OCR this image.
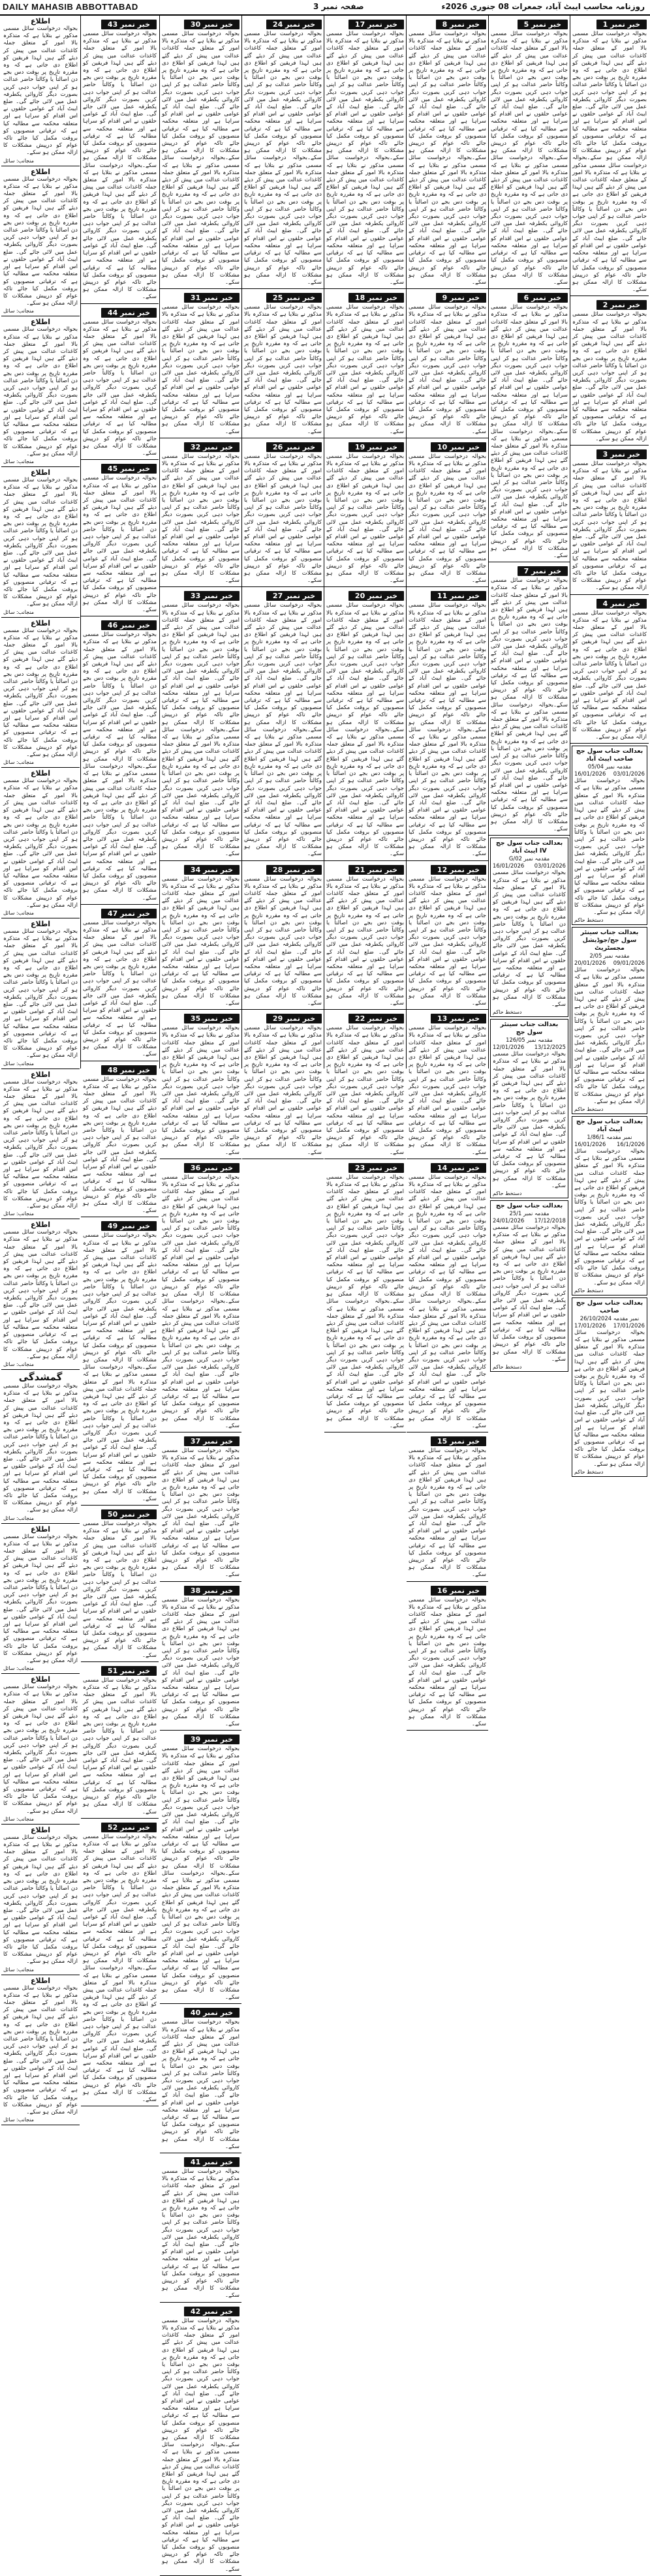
DAILY MAHASIB ABBOTTABAD	صفحہ نمبر 3	روزنامہ محاسب ایبٹ آباد، جمعرات 08 جنوری 2026ء
خبر نمبر 1
بحوالہ درخواست سائل مسمی مذکور نے بتلایا ہے کہ متذکرہ بالا امور کے متعلق جملہ کاغذات عدالت میں پیش کر دیئے گئے ہیں لہذا فریقین کو اطلاع دی جاتی ہے کہ وہ مقررہ تاریخ پر بوقت دس بجے دن اصالتاً یا وکالتاً حاضر عدالت ہو کر اپنی جواب دہی کریں بصورت دیگر کاروائی یکطرفہ عمل میں لائی جائے گی۔ ضلع ایبٹ آباد کے عوامی حلقوں نے اس اقدام کو سراہا ہے اور متعلقہ محکمہ سے مطالبہ کیا ہے کہ ترقیاتی منصوبوں کو بروقت مکمل کیا جائے تاکہ عوام کو درپیش مشکلات کا ازالہ ممکن ہو سکے۔بحوالہ درخواست سائل مسمی مذکور نے بتلایا ہے کہ متذکرہ بالا امور کے متعلق جملہ کاغذات عدالت میں پیش کر دیئے گئے ہیں لہذا فریقین کو اطلاع دی جاتی ہے کہ وہ مقررہ تاریخ پر بوقت دس بجے دن اصالتاً یا وکالتاً حاضر عدالت ہو کر اپنی جواب دہی کریں بصورت دیگر کاروائی یکطرفہ عمل میں لائی جائے گی۔ ضلع ایبٹ آباد کے عوامی حلقوں نے اس اقدام کو سراہا ہے اور متعلقہ محکمہ سے مطالبہ کیا ہے کہ ترقیاتی منصوبوں کو بروقت مکمل کیا جائے تاکہ عوام کو درپیش مشکلات کا ازالہ ممکن ہو سکے۔
خبر نمبر 2
بحوالہ درخواست سائل مسمی مذکور نے بتلایا ہے کہ متذکرہ بالا امور کے متعلق جملہ کاغذات عدالت میں پیش کر دیئے گئے ہیں لہذا فریقین کو اطلاع دی جاتی ہے کہ وہ مقررہ تاریخ پر بوقت دس بجے دن اصالتاً یا وکالتاً حاضر عدالت ہو کر اپنی جواب دہی کریں بصورت دیگر کاروائی یکطرفہ عمل میں لائی جائے گی۔ ضلع ایبٹ آباد کے عوامی حلقوں نے اس اقدام کو سراہا ہے اور متعلقہ محکمہ سے مطالبہ کیا ہے کہ ترقیاتی منصوبوں کو بروقت مکمل کیا جائے تاکہ عوام کو درپیش مشکلات کا ازالہ ممکن ہو سکے۔
خبر نمبر 3
بحوالہ درخواست سائل مسمی مذکور نے بتلایا ہے کہ متذکرہ بالا امور کے متعلق جملہ کاغذات عدالت میں پیش کر دیئے گئے ہیں لہذا فریقین کو اطلاع دی جاتی ہے کہ وہ مقررہ تاریخ پر بوقت دس بجے دن اصالتاً یا وکالتاً حاضر عدالت ہو کر اپنی جواب دہی کریں بصورت دیگر کاروائی یکطرفہ عمل میں لائی جائے گی۔ ضلع ایبٹ آباد کے عوامی حلقوں نے اس اقدام کو سراہا ہے اور متعلقہ محکمہ سے مطالبہ کیا ہے کہ ترقیاتی منصوبوں کو بروقت مکمل کیا جائے تاکہ عوام کو درپیش مشکلات کا ازالہ ممکن ہو سکے۔
خبر نمبر 4
بحوالہ درخواست سائل مسمی مذکور نے بتلایا ہے کہ متذکرہ بالا امور کے متعلق جملہ کاغذات عدالت میں پیش کر دیئے گئے ہیں لہذا فریقین کو اطلاع دی جاتی ہے کہ وہ مقررہ تاریخ پر بوقت دس بجے دن اصالتاً یا وکالتاً حاضر عدالت ہو کر اپنی جواب دہی کریں بصورت دیگر کاروائی یکطرفہ عمل میں لائی جائے گی۔ ضلع ایبٹ آباد کے عوامی حلقوں نے اس اقدام کو سراہا ہے اور متعلقہ محکمہ سے مطالبہ کیا ہے کہ ترقیاتی منصوبوں کو بروقت مکمل کیا جائے تاکہ عوام کو درپیش مشکلات کا ازالہ ممکن ہو سکے۔
بعدالت جناب سول جج صاحب ایبٹ آباد
مقدمہ نمبر 05/04
03/01/2026
16/01/2026
بحوالہ درخواست سائل مسمی مذکور نے بتلایا ہے کہ متذکرہ بالا امور کے متعلق جملہ کاغذات عدالت میں پیش کر دیئے گئے ہیں لہذا فریقین کو اطلاع دی جاتی ہے کہ وہ مقررہ تاریخ پر بوقت دس بجے دن اصالتاً یا وکالتاً حاضر عدالت ہو کر اپنی جواب دہی کریں بصورت دیگر کاروائی یکطرفہ عمل میں لائی جائے گی۔ ضلع ایبٹ آباد کے عوامی حلقوں نے اس اقدام کو سراہا ہے اور متعلقہ محکمہ سے مطالبہ کیا ہے کہ ترقیاتی منصوبوں کو بروقت مکمل کیا جائے تاکہ عوام کو درپیش مشکلات کا ازالہ ممکن ہو سکے۔
دستخط حاکم
بعدالت جناب سینئر سول جج/جوڈیشل مجسٹریٹ
مقدمہ نمبر 2/05
09/01/2026
20/01/2026
بحوالہ درخواست سائل مسمی مذکور نے بتلایا ہے کہ متذکرہ بالا امور کے متعلق جملہ کاغذات عدالت میں پیش کر دیئے گئے ہیں لہذا فریقین کو اطلاع دی جاتی ہے کہ وہ مقررہ تاریخ پر بوقت دس بجے دن اصالتاً یا وکالتاً حاضر عدالت ہو کر اپنی جواب دہی کریں بصورت دیگر کاروائی یکطرفہ عمل میں لائی جائے گی۔ ضلع ایبٹ آباد کے عوامی حلقوں نے اس اقدام کو سراہا ہے اور متعلقہ محکمہ سے مطالبہ کیا ہے کہ ترقیاتی منصوبوں کو بروقت مکمل کیا جائے تاکہ عوام کو درپیش مشکلات کا ازالہ ممکن ہو سکے۔
دستخط حاکم
بعدالت جناب سول جج ایبٹ آباد
نمبر مقدمہ 1/86/1
16/1/2026
16/01/2026
بحوالہ درخواست سائل مسمی مذکور نے بتلایا ہے کہ متذکرہ بالا امور کے متعلق جملہ کاغذات عدالت میں پیش کر دیئے گئے ہیں لہذا فریقین کو اطلاع دی جاتی ہے کہ وہ مقررہ تاریخ پر بوقت دس بجے دن اصالتاً یا وکالتاً حاضر عدالت ہو کر اپنی جواب دہی کریں بصورت دیگر کاروائی یکطرفہ عمل میں لائی جائے گی۔ ضلع ایبٹ آباد کے عوامی حلقوں نے اس اقدام کو سراہا ہے اور متعلقہ محکمہ سے مطالبہ کیا ہے کہ ترقیاتی منصوبوں کو بروقت مکمل کیا جائے تاکہ عوام کو درپیش مشکلات کا ازالہ ممکن ہو سکے۔
دستخط حاکم
بعدالت جناب سول جج صاحب
نمبر مقدمہ 26/10/2024
17/01/2026
17/01/2026
بحوالہ درخواست سائل مسمی مذکور نے بتلایا ہے کہ متذکرہ بالا امور کے متعلق جملہ کاغذات عدالت میں پیش کر دیئے گئے ہیں لہذا فریقین کو اطلاع دی جاتی ہے کہ وہ مقررہ تاریخ پر بوقت دس بجے دن اصالتاً یا وکالتاً حاضر عدالت ہو کر اپنی جواب دہی کریں بصورت دیگر کاروائی یکطرفہ عمل میں لائی جائے گی۔ ضلع ایبٹ آباد کے عوامی حلقوں نے اس اقدام کو سراہا ہے اور متعلقہ محکمہ سے مطالبہ کیا ہے کہ ترقیاتی منصوبوں کو بروقت مکمل کیا جائے تاکہ عوام کو درپیش مشکلات کا ازالہ ممکن ہو سکے۔
دستخط حاکم
خبر نمبر 5
بحوالہ درخواست سائل مسمی مذکور نے بتلایا ہے کہ متذکرہ بالا امور کے متعلق جملہ کاغذات عدالت میں پیش کر دیئے گئے ہیں لہذا فریقین کو اطلاع دی جاتی ہے کہ وہ مقررہ تاریخ پر بوقت دس بجے دن اصالتاً یا وکالتاً حاضر عدالت ہو کر اپنی جواب دہی کریں بصورت دیگر کاروائی یکطرفہ عمل میں لائی جائے گی۔ ضلع ایبٹ آباد کے عوامی حلقوں نے اس اقدام کو سراہا ہے اور متعلقہ محکمہ سے مطالبہ کیا ہے کہ ترقیاتی منصوبوں کو بروقت مکمل کیا جائے تاکہ عوام کو درپیش مشکلات کا ازالہ ممکن ہو سکے۔بحوالہ درخواست سائل مسمی مذکور نے بتلایا ہے کہ متذکرہ بالا امور کے متعلق جملہ کاغذات عدالت میں پیش کر دیئے گئے ہیں لہذا فریقین کو اطلاع دی جاتی ہے کہ وہ مقررہ تاریخ پر بوقت دس بجے دن اصالتاً یا وکالتاً حاضر عدالت ہو کر اپنی جواب دہی کریں بصورت دیگر کاروائی یکطرفہ عمل میں لائی جائے گی۔ ضلع ایبٹ آباد کے عوامی حلقوں نے اس اقدام کو سراہا ہے اور متعلقہ محکمہ سے مطالبہ کیا ہے کہ ترقیاتی منصوبوں کو بروقت مکمل کیا جائے تاکہ عوام کو درپیش مشکلات کا ازالہ ممکن ہو سکے۔
خبر نمبر 6
بحوالہ درخواست سائل مسمی مذکور نے بتلایا ہے کہ متذکرہ بالا امور کے متعلق جملہ کاغذات عدالت میں پیش کر دیئے گئے ہیں لہذا فریقین کو اطلاع دی جاتی ہے کہ وہ مقررہ تاریخ پر بوقت دس بجے دن اصالتاً یا وکالتاً حاضر عدالت ہو کر اپنی جواب دہی کریں بصورت دیگر کاروائی یکطرفہ عمل میں لائی جائے گی۔ ضلع ایبٹ آباد کے عوامی حلقوں نے اس اقدام کو سراہا ہے اور متعلقہ محکمہ سے مطالبہ کیا ہے کہ ترقیاتی منصوبوں کو بروقت مکمل کیا جائے تاکہ عوام کو درپیش مشکلات کا ازالہ ممکن ہو سکے۔بحوالہ درخواست سائل مسمی مذکور نے بتلایا ہے کہ متذکرہ بالا امور کے متعلق جملہ کاغذات عدالت میں پیش کر دیئے گئے ہیں لہذا فریقین کو اطلاع دی جاتی ہے کہ وہ مقررہ تاریخ پر بوقت دس بجے دن اصالتاً یا وکالتاً حاضر عدالت ہو کر اپنی جواب دہی کریں بصورت دیگر کاروائی یکطرفہ عمل میں لائی جائے گی۔ ضلع ایبٹ آباد کے عوامی حلقوں نے اس اقدام کو سراہا ہے اور متعلقہ محکمہ سے مطالبہ کیا ہے کہ ترقیاتی منصوبوں کو بروقت مکمل کیا جائے تاکہ عوام کو درپیش مشکلات کا ازالہ ممکن ہو سکے۔
خبر نمبر 7
بحوالہ درخواست سائل مسمی مذکور نے بتلایا ہے کہ متذکرہ بالا امور کے متعلق جملہ کاغذات عدالت میں پیش کر دیئے گئے ہیں لہذا فریقین کو اطلاع دی جاتی ہے کہ وہ مقررہ تاریخ پر بوقت دس بجے دن اصالتاً یا وکالتاً حاضر عدالت ہو کر اپنی جواب دہی کریں بصورت دیگر کاروائی یکطرفہ عمل میں لائی جائے گی۔ ضلع ایبٹ آباد کے عوامی حلقوں نے اس اقدام کو سراہا ہے اور متعلقہ محکمہ سے مطالبہ کیا ہے کہ ترقیاتی منصوبوں کو بروقت مکمل کیا جائے تاکہ عوام کو درپیش مشکلات کا ازالہ ممکن ہو سکے۔بحوالہ درخواست سائل مسمی مذکور نے بتلایا ہے کہ متذکرہ بالا امور کے متعلق جملہ کاغذات عدالت میں پیش کر دیئے گئے ہیں لہذا فریقین کو اطلاع دی جاتی ہے کہ وہ مقررہ تاریخ پر بوقت دس بجے دن اصالتاً یا وکالتاً حاضر عدالت ہو کر اپنی جواب دہی کریں بصورت دیگر کاروائی یکطرفہ عمل میں لائی جائے گی۔ ضلع ایبٹ آباد کے عوامی حلقوں نے اس اقدام کو سراہا ہے اور متعلقہ محکمہ سے مطالبہ کیا ہے کہ ترقیاتی منصوبوں کو بروقت مکمل کیا جائے تاکہ عوام کو درپیش مشکلات کا ازالہ ممکن ہو سکے۔
بعدالت جناب سول جج IV ایبٹ آباد
مقدمہ نمبر 02/G
03/01/2026
16/01/2026
بحوالہ درخواست سائل مسمی مذکور نے بتلایا ہے کہ متذکرہ بالا امور کے متعلق جملہ کاغذات عدالت میں پیش کر دیئے گئے ہیں لہذا فریقین کو اطلاع دی جاتی ہے کہ وہ مقررہ تاریخ پر بوقت دس بجے دن اصالتاً یا وکالتاً حاضر عدالت ہو کر اپنی جواب دہی کریں بصورت دیگر کاروائی یکطرفہ عمل میں لائی جائے گی۔ ضلع ایبٹ آباد کے عوامی حلقوں نے اس اقدام کو سراہا ہے اور متعلقہ محکمہ سے مطالبہ کیا ہے کہ ترقیاتی منصوبوں کو بروقت مکمل کیا جائے تاکہ عوام کو درپیش مشکلات کا ازالہ ممکن ہو سکے۔
دستخط حاکم
بعدالت جناب سینئر سول جج
مقدمہ نمبر 126/05
13/12/2025
12/01/2026
بحوالہ درخواست سائل مسمی مذکور نے بتلایا ہے کہ متذکرہ بالا امور کے متعلق جملہ کاغذات عدالت میں پیش کر دیئے گئے ہیں لہذا فریقین کو اطلاع دی جاتی ہے کہ وہ مقررہ تاریخ پر بوقت دس بجے دن اصالتاً یا وکالتاً حاضر عدالت ہو کر اپنی جواب دہی کریں بصورت دیگر کاروائی یکطرفہ عمل میں لائی جائے گی۔ ضلع ایبٹ آباد کے عوامی حلقوں نے اس اقدام کو سراہا ہے اور متعلقہ محکمہ سے مطالبہ کیا ہے کہ ترقیاتی منصوبوں کو بروقت مکمل کیا جائے تاکہ عوام کو درپیش مشکلات کا ازالہ ممکن ہو سکے۔
دستخط حاکم
بعدالت جناب سول جج
مقدمہ نمبر 25/1
17/12/2018
24/01/2026
بحوالہ درخواست سائل مسمی مذکور نے بتلایا ہے کہ متذکرہ بالا امور کے متعلق جملہ کاغذات عدالت میں پیش کر دیئے گئے ہیں لہذا فریقین کو اطلاع دی جاتی ہے کہ وہ مقررہ تاریخ پر بوقت دس بجے دن اصالتاً یا وکالتاً حاضر عدالت ہو کر اپنی جواب دہی کریں بصورت دیگر کاروائی یکطرفہ عمل میں لائی جائے گی۔ ضلع ایبٹ آباد کے عوامی حلقوں نے اس اقدام کو سراہا ہے اور متعلقہ محکمہ سے مطالبہ کیا ہے کہ ترقیاتی منصوبوں کو بروقت مکمل کیا جائے تاکہ عوام کو درپیش مشکلات کا ازالہ ممکن ہو سکے۔
دستخط حاکم
خبر نمبر 8
بحوالہ درخواست سائل مسمی مذکور نے بتلایا ہے کہ متذکرہ بالا امور کے متعلق جملہ کاغذات عدالت میں پیش کر دیئے گئے ہیں لہذا فریقین کو اطلاع دی جاتی ہے کہ وہ مقررہ تاریخ پر بوقت دس بجے دن اصالتاً یا وکالتاً حاضر عدالت ہو کر اپنی جواب دہی کریں بصورت دیگر کاروائی یکطرفہ عمل میں لائی جائے گی۔ ضلع ایبٹ آباد کے عوامی حلقوں نے اس اقدام کو سراہا ہے اور متعلقہ محکمہ سے مطالبہ کیا ہے کہ ترقیاتی منصوبوں کو بروقت مکمل کیا جائے تاکہ عوام کو درپیش مشکلات کا ازالہ ممکن ہو سکے۔بحوالہ درخواست سائل مسمی مذکور نے بتلایا ہے کہ متذکرہ بالا امور کے متعلق جملہ کاغذات عدالت میں پیش کر دیئے گئے ہیں لہذا فریقین کو اطلاع دی جاتی ہے کہ وہ مقررہ تاریخ پر بوقت دس بجے دن اصالتاً یا وکالتاً حاضر عدالت ہو کر اپنی جواب دہی کریں بصورت دیگر کاروائی یکطرفہ عمل میں لائی جائے گی۔ ضلع ایبٹ آباد کے عوامی حلقوں نے اس اقدام کو سراہا ہے اور متعلقہ محکمہ سے مطالبہ کیا ہے کہ ترقیاتی منصوبوں کو بروقت مکمل کیا جائے تاکہ عوام کو درپیش مشکلات کا ازالہ ممکن ہو سکے۔
خبر نمبر 9
بحوالہ درخواست سائل مسمی مذکور نے بتلایا ہے کہ متذکرہ بالا امور کے متعلق جملہ کاغذات عدالت میں پیش کر دیئے گئے ہیں لہذا فریقین کو اطلاع دی جاتی ہے کہ وہ مقررہ تاریخ پر بوقت دس بجے دن اصالتاً یا وکالتاً حاضر عدالت ہو کر اپنی جواب دہی کریں بصورت دیگر کاروائی یکطرفہ عمل میں لائی جائے گی۔ ضلع ایبٹ آباد کے عوامی حلقوں نے اس اقدام کو سراہا ہے اور متعلقہ محکمہ سے مطالبہ کیا ہے کہ ترقیاتی منصوبوں کو بروقت مکمل کیا جائے تاکہ عوام کو درپیش مشکلات کا ازالہ ممکن ہو سکے۔
خبر نمبر 10
بحوالہ درخواست سائل مسمی مذکور نے بتلایا ہے کہ متذکرہ بالا امور کے متعلق جملہ کاغذات عدالت میں پیش کر دیئے گئے ہیں لہذا فریقین کو اطلاع دی جاتی ہے کہ وہ مقررہ تاریخ پر بوقت دس بجے دن اصالتاً یا وکالتاً حاضر عدالت ہو کر اپنی جواب دہی کریں بصورت دیگر کاروائی یکطرفہ عمل میں لائی جائے گی۔ ضلع ایبٹ آباد کے عوامی حلقوں نے اس اقدام کو سراہا ہے اور متعلقہ محکمہ سے مطالبہ کیا ہے کہ ترقیاتی منصوبوں کو بروقت مکمل کیا جائے تاکہ عوام کو درپیش مشکلات کا ازالہ ممکن ہو سکے۔
خبر نمبر 11
بحوالہ درخواست سائل مسمی مذکور نے بتلایا ہے کہ متذکرہ بالا امور کے متعلق جملہ کاغذات عدالت میں پیش کر دیئے گئے ہیں لہذا فریقین کو اطلاع دی جاتی ہے کہ وہ مقررہ تاریخ پر بوقت دس بجے دن اصالتاً یا وکالتاً حاضر عدالت ہو کر اپنی جواب دہی کریں بصورت دیگر کاروائی یکطرفہ عمل میں لائی جائے گی۔ ضلع ایبٹ آباد کے عوامی حلقوں نے اس اقدام کو سراہا ہے اور متعلقہ محکمہ سے مطالبہ کیا ہے کہ ترقیاتی منصوبوں کو بروقت مکمل کیا جائے تاکہ عوام کو درپیش مشکلات کا ازالہ ممکن ہو سکے۔بحوالہ درخواست سائل مسمی مذکور نے بتلایا ہے کہ متذکرہ بالا امور کے متعلق جملہ کاغذات عدالت میں پیش کر دیئے گئے ہیں لہذا فریقین کو اطلاع دی جاتی ہے کہ وہ مقررہ تاریخ پر بوقت دس بجے دن اصالتاً یا وکالتاً حاضر عدالت ہو کر اپنی جواب دہی کریں بصورت دیگر کاروائی یکطرفہ عمل میں لائی جائے گی۔ ضلع ایبٹ آباد کے عوامی حلقوں نے اس اقدام کو سراہا ہے اور متعلقہ محکمہ سے مطالبہ کیا ہے کہ ترقیاتی منصوبوں کو بروقت مکمل کیا جائے تاکہ عوام کو درپیش مشکلات کا ازالہ ممکن ہو سکے۔
خبر نمبر 12
بحوالہ درخواست سائل مسمی مذکور نے بتلایا ہے کہ متذکرہ بالا امور کے متعلق جملہ کاغذات عدالت میں پیش کر دیئے گئے ہیں لہذا فریقین کو اطلاع دی جاتی ہے کہ وہ مقررہ تاریخ پر بوقت دس بجے دن اصالتاً یا وکالتاً حاضر عدالت ہو کر اپنی جواب دہی کریں بصورت دیگر کاروائی یکطرفہ عمل میں لائی جائے گی۔ ضلع ایبٹ آباد کے عوامی حلقوں نے اس اقدام کو سراہا ہے اور متعلقہ محکمہ سے مطالبہ کیا ہے کہ ترقیاتی منصوبوں کو بروقت مکمل کیا جائے تاکہ عوام کو درپیش مشکلات کا ازالہ ممکن ہو سکے۔
خبر نمبر 13
بحوالہ درخواست سائل مسمی مذکور نے بتلایا ہے کہ متذکرہ بالا امور کے متعلق جملہ کاغذات عدالت میں پیش کر دیئے گئے ہیں لہذا فریقین کو اطلاع دی جاتی ہے کہ وہ مقررہ تاریخ پر بوقت دس بجے دن اصالتاً یا وکالتاً حاضر عدالت ہو کر اپنی جواب دہی کریں بصورت دیگر کاروائی یکطرفہ عمل میں لائی جائے گی۔ ضلع ایبٹ آباد کے عوامی حلقوں نے اس اقدام کو سراہا ہے اور متعلقہ محکمہ سے مطالبہ کیا ہے کہ ترقیاتی منصوبوں کو بروقت مکمل کیا جائے تاکہ عوام کو درپیش مشکلات کا ازالہ ممکن ہو سکے۔
خبر نمبر 14
بحوالہ درخواست سائل مسمی مذکور نے بتلایا ہے کہ متذکرہ بالا امور کے متعلق جملہ کاغذات عدالت میں پیش کر دیئے گئے ہیں لہذا فریقین کو اطلاع دی جاتی ہے کہ وہ مقررہ تاریخ پر بوقت دس بجے دن اصالتاً یا وکالتاً حاضر عدالت ہو کر اپنی جواب دہی کریں بصورت دیگر کاروائی یکطرفہ عمل میں لائی جائے گی۔ ضلع ایبٹ آباد کے عوامی حلقوں نے اس اقدام کو سراہا ہے اور متعلقہ محکمہ سے مطالبہ کیا ہے کہ ترقیاتی منصوبوں کو بروقت مکمل کیا جائے تاکہ عوام کو درپیش مشکلات کا ازالہ ممکن ہو سکے۔بحوالہ درخواست سائل مسمی مذکور نے بتلایا ہے کہ متذکرہ بالا امور کے متعلق جملہ کاغذات عدالت میں پیش کر دیئے گئے ہیں لہذا فریقین کو اطلاع دی جاتی ہے کہ وہ مقررہ تاریخ پر بوقت دس بجے دن اصالتاً یا وکالتاً حاضر عدالت ہو کر اپنی جواب دہی کریں بصورت دیگر کاروائی یکطرفہ عمل میں لائی جائے گی۔ ضلع ایبٹ آباد کے عوامی حلقوں نے اس اقدام کو سراہا ہے اور متعلقہ محکمہ سے مطالبہ کیا ہے کہ ترقیاتی منصوبوں کو بروقت مکمل کیا جائے تاکہ عوام کو درپیش مشکلات کا ازالہ ممکن ہو سکے۔
خبر نمبر 15
بحوالہ درخواست سائل مسمی مذکور نے بتلایا ہے کہ متذکرہ بالا امور کے متعلق جملہ کاغذات عدالت میں پیش کر دیئے گئے ہیں لہذا فریقین کو اطلاع دی جاتی ہے کہ وہ مقررہ تاریخ پر بوقت دس بجے دن اصالتاً یا وکالتاً حاضر عدالت ہو کر اپنی جواب دہی کریں بصورت دیگر کاروائی یکطرفہ عمل میں لائی جائے گی۔ ضلع ایبٹ آباد کے عوامی حلقوں نے اس اقدام کو سراہا ہے اور متعلقہ محکمہ سے مطالبہ کیا ہے کہ ترقیاتی منصوبوں کو بروقت مکمل کیا جائے تاکہ عوام کو درپیش مشکلات کا ازالہ ممکن ہو سکے۔
خبر نمبر 16
بحوالہ درخواست سائل مسمی مذکور نے بتلایا ہے کہ متذکرہ بالا امور کے متعلق جملہ کاغذات عدالت میں پیش کر دیئے گئے ہیں لہذا فریقین کو اطلاع دی جاتی ہے کہ وہ مقررہ تاریخ پر بوقت دس بجے دن اصالتاً یا وکالتاً حاضر عدالت ہو کر اپنی جواب دہی کریں بصورت دیگر کاروائی یکطرفہ عمل میں لائی جائے گی۔ ضلع ایبٹ آباد کے عوامی حلقوں نے اس اقدام کو سراہا ہے اور متعلقہ محکمہ سے مطالبہ کیا ہے کہ ترقیاتی منصوبوں کو بروقت مکمل کیا جائے تاکہ عوام کو درپیش مشکلات کا ازالہ ممکن ہو سکے۔
خبر نمبر 17
بحوالہ درخواست سائل مسمی مذکور نے بتلایا ہے کہ متذکرہ بالا امور کے متعلق جملہ کاغذات عدالت میں پیش کر دیئے گئے ہیں لہذا فریقین کو اطلاع دی جاتی ہے کہ وہ مقررہ تاریخ پر بوقت دس بجے دن اصالتاً یا وکالتاً حاضر عدالت ہو کر اپنی جواب دہی کریں بصورت دیگر کاروائی یکطرفہ عمل میں لائی جائے گی۔ ضلع ایبٹ آباد کے عوامی حلقوں نے اس اقدام کو سراہا ہے اور متعلقہ محکمہ سے مطالبہ کیا ہے کہ ترقیاتی منصوبوں کو بروقت مکمل کیا جائے تاکہ عوام کو درپیش مشکلات کا ازالہ ممکن ہو سکے۔بحوالہ درخواست سائل مسمی مذکور نے بتلایا ہے کہ متذکرہ بالا امور کے متعلق جملہ کاغذات عدالت میں پیش کر دیئے گئے ہیں لہذا فریقین کو اطلاع دی جاتی ہے کہ وہ مقررہ تاریخ پر بوقت دس بجے دن اصالتاً یا وکالتاً حاضر عدالت ہو کر اپنی جواب دہی کریں بصورت دیگر کاروائی یکطرفہ عمل میں لائی جائے گی۔ ضلع ایبٹ آباد کے عوامی حلقوں نے اس اقدام کو سراہا ہے اور متعلقہ محکمہ سے مطالبہ کیا ہے کہ ترقیاتی منصوبوں کو بروقت مکمل کیا جائے تاکہ عوام کو درپیش مشکلات کا ازالہ ممکن ہو سکے۔
خبر نمبر 18
بحوالہ درخواست سائل مسمی مذکور نے بتلایا ہے کہ متذکرہ بالا امور کے متعلق جملہ کاغذات عدالت میں پیش کر دیئے گئے ہیں لہذا فریقین کو اطلاع دی جاتی ہے کہ وہ مقررہ تاریخ پر بوقت دس بجے دن اصالتاً یا وکالتاً حاضر عدالت ہو کر اپنی جواب دہی کریں بصورت دیگر کاروائی یکطرفہ عمل میں لائی جائے گی۔ ضلع ایبٹ آباد کے عوامی حلقوں نے اس اقدام کو سراہا ہے اور متعلقہ محکمہ سے مطالبہ کیا ہے کہ ترقیاتی منصوبوں کو بروقت مکمل کیا جائے تاکہ عوام کو درپیش مشکلات کا ازالہ ممکن ہو سکے۔
خبر نمبر 19
بحوالہ درخواست سائل مسمی مذکور نے بتلایا ہے کہ متذکرہ بالا امور کے متعلق جملہ کاغذات عدالت میں پیش کر دیئے گئے ہیں لہذا فریقین کو اطلاع دی جاتی ہے کہ وہ مقررہ تاریخ پر بوقت دس بجے دن اصالتاً یا وکالتاً حاضر عدالت ہو کر اپنی جواب دہی کریں بصورت دیگر کاروائی یکطرفہ عمل میں لائی جائے گی۔ ضلع ایبٹ آباد کے عوامی حلقوں نے اس اقدام کو سراہا ہے اور متعلقہ محکمہ سے مطالبہ کیا ہے کہ ترقیاتی منصوبوں کو بروقت مکمل کیا جائے تاکہ عوام کو درپیش مشکلات کا ازالہ ممکن ہو سکے۔
خبر نمبر 20
بحوالہ درخواست سائل مسمی مذکور نے بتلایا ہے کہ متذکرہ بالا امور کے متعلق جملہ کاغذات عدالت میں پیش کر دیئے گئے ہیں لہذا فریقین کو اطلاع دی جاتی ہے کہ وہ مقررہ تاریخ پر بوقت دس بجے دن اصالتاً یا وکالتاً حاضر عدالت ہو کر اپنی جواب دہی کریں بصورت دیگر کاروائی یکطرفہ عمل میں لائی جائے گی۔ ضلع ایبٹ آباد کے عوامی حلقوں نے اس اقدام کو سراہا ہے اور متعلقہ محکمہ سے مطالبہ کیا ہے کہ ترقیاتی منصوبوں کو بروقت مکمل کیا جائے تاکہ عوام کو درپیش مشکلات کا ازالہ ممکن ہو سکے۔بحوالہ درخواست سائل مسمی مذکور نے بتلایا ہے کہ متذکرہ بالا امور کے متعلق جملہ کاغذات عدالت میں پیش کر دیئے گئے ہیں لہذا فریقین کو اطلاع دی جاتی ہے کہ وہ مقررہ تاریخ پر بوقت دس بجے دن اصالتاً یا وکالتاً حاضر عدالت ہو کر اپنی جواب دہی کریں بصورت دیگر کاروائی یکطرفہ عمل میں لائی جائے گی۔ ضلع ایبٹ آباد کے عوامی حلقوں نے اس اقدام کو سراہا ہے اور متعلقہ محکمہ سے مطالبہ کیا ہے کہ ترقیاتی منصوبوں کو بروقت مکمل کیا جائے تاکہ عوام کو درپیش مشکلات کا ازالہ ممکن ہو سکے۔
خبر نمبر 21
بحوالہ درخواست سائل مسمی مذکور نے بتلایا ہے کہ متذکرہ بالا امور کے متعلق جملہ کاغذات عدالت میں پیش کر دیئے گئے ہیں لہذا فریقین کو اطلاع دی جاتی ہے کہ وہ مقررہ تاریخ پر بوقت دس بجے دن اصالتاً یا وکالتاً حاضر عدالت ہو کر اپنی جواب دہی کریں بصورت دیگر کاروائی یکطرفہ عمل میں لائی جائے گی۔ ضلع ایبٹ آباد کے عوامی حلقوں نے اس اقدام کو سراہا ہے اور متعلقہ محکمہ سے مطالبہ کیا ہے کہ ترقیاتی منصوبوں کو بروقت مکمل کیا جائے تاکہ عوام کو درپیش مشکلات کا ازالہ ممکن ہو سکے۔
خبر نمبر 22
بحوالہ درخواست سائل مسمی مذکور نے بتلایا ہے کہ متذکرہ بالا امور کے متعلق جملہ کاغذات عدالت میں پیش کر دیئے گئے ہیں لہذا فریقین کو اطلاع دی جاتی ہے کہ وہ مقررہ تاریخ پر بوقت دس بجے دن اصالتاً یا وکالتاً حاضر عدالت ہو کر اپنی جواب دہی کریں بصورت دیگر کاروائی یکطرفہ عمل میں لائی جائے گی۔ ضلع ایبٹ آباد کے عوامی حلقوں نے اس اقدام کو سراہا ہے اور متعلقہ محکمہ سے مطالبہ کیا ہے کہ ترقیاتی منصوبوں کو بروقت مکمل کیا جائے تاکہ عوام کو درپیش مشکلات کا ازالہ ممکن ہو سکے۔
خبر نمبر 23
بحوالہ درخواست سائل مسمی مذکور نے بتلایا ہے کہ متذکرہ بالا امور کے متعلق جملہ کاغذات عدالت میں پیش کر دیئے گئے ہیں لہذا فریقین کو اطلاع دی جاتی ہے کہ وہ مقررہ تاریخ پر بوقت دس بجے دن اصالتاً یا وکالتاً حاضر عدالت ہو کر اپنی جواب دہی کریں بصورت دیگر کاروائی یکطرفہ عمل میں لائی جائے گی۔ ضلع ایبٹ آباد کے عوامی حلقوں نے اس اقدام کو سراہا ہے اور متعلقہ محکمہ سے مطالبہ کیا ہے کہ ترقیاتی منصوبوں کو بروقت مکمل کیا جائے تاکہ عوام کو درپیش مشکلات کا ازالہ ممکن ہو سکے۔بحوالہ درخواست سائل مسمی مذکور نے بتلایا ہے کہ متذکرہ بالا امور کے متعلق جملہ کاغذات عدالت میں پیش کر دیئے گئے ہیں لہذا فریقین کو اطلاع دی جاتی ہے کہ وہ مقررہ تاریخ پر بوقت دس بجے دن اصالتاً یا وکالتاً حاضر عدالت ہو کر اپنی جواب دہی کریں بصورت دیگر کاروائی یکطرفہ عمل میں لائی جائے گی۔ ضلع ایبٹ آباد کے عوامی حلقوں نے اس اقدام کو سراہا ہے اور متعلقہ محکمہ سے مطالبہ کیا ہے کہ ترقیاتی منصوبوں کو بروقت مکمل کیا جائے تاکہ عوام کو درپیش مشکلات کا ازالہ ممکن ہو سکے۔
خبر نمبر 24
بحوالہ درخواست سائل مسمی مذکور نے بتلایا ہے کہ متذکرہ بالا امور کے متعلق جملہ کاغذات عدالت میں پیش کر دیئے گئے ہیں لہذا فریقین کو اطلاع دی جاتی ہے کہ وہ مقررہ تاریخ پر بوقت دس بجے دن اصالتاً یا وکالتاً حاضر عدالت ہو کر اپنی جواب دہی کریں بصورت دیگر کاروائی یکطرفہ عمل میں لائی جائے گی۔ ضلع ایبٹ آباد کے عوامی حلقوں نے اس اقدام کو سراہا ہے اور متعلقہ محکمہ سے مطالبہ کیا ہے کہ ترقیاتی منصوبوں کو بروقت مکمل کیا جائے تاکہ عوام کو درپیش مشکلات کا ازالہ ممکن ہو سکے۔بحوالہ درخواست سائل مسمی مذکور نے بتلایا ہے کہ متذکرہ بالا امور کے متعلق جملہ کاغذات عدالت میں پیش کر دیئے گئے ہیں لہذا فریقین کو اطلاع دی جاتی ہے کہ وہ مقررہ تاریخ پر بوقت دس بجے دن اصالتاً یا وکالتاً حاضر عدالت ہو کر اپنی جواب دہی کریں بصورت دیگر کاروائی یکطرفہ عمل میں لائی جائے گی۔ ضلع ایبٹ آباد کے عوامی حلقوں نے اس اقدام کو سراہا ہے اور متعلقہ محکمہ سے مطالبہ کیا ہے کہ ترقیاتی منصوبوں کو بروقت مکمل کیا جائے تاکہ عوام کو درپیش مشکلات کا ازالہ ممکن ہو سکے۔
خبر نمبر 25
بحوالہ درخواست سائل مسمی مذکور نے بتلایا ہے کہ متذکرہ بالا امور کے متعلق جملہ کاغذات عدالت میں پیش کر دیئے گئے ہیں لہذا فریقین کو اطلاع دی جاتی ہے کہ وہ مقررہ تاریخ پر بوقت دس بجے دن اصالتاً یا وکالتاً حاضر عدالت ہو کر اپنی جواب دہی کریں بصورت دیگر کاروائی یکطرفہ عمل میں لائی جائے گی۔ ضلع ایبٹ آباد کے عوامی حلقوں نے اس اقدام کو سراہا ہے اور متعلقہ محکمہ سے مطالبہ کیا ہے کہ ترقیاتی منصوبوں کو بروقت مکمل کیا جائے تاکہ عوام کو درپیش مشکلات کا ازالہ ممکن ہو سکے۔
خبر نمبر 26
بحوالہ درخواست سائل مسمی مذکور نے بتلایا ہے کہ متذکرہ بالا امور کے متعلق جملہ کاغذات عدالت میں پیش کر دیئے گئے ہیں لہذا فریقین کو اطلاع دی جاتی ہے کہ وہ مقررہ تاریخ پر بوقت دس بجے دن اصالتاً یا وکالتاً حاضر عدالت ہو کر اپنی جواب دہی کریں بصورت دیگر کاروائی یکطرفہ عمل میں لائی جائے گی۔ ضلع ایبٹ آباد کے عوامی حلقوں نے اس اقدام کو سراہا ہے اور متعلقہ محکمہ سے مطالبہ کیا ہے کہ ترقیاتی منصوبوں کو بروقت مکمل کیا جائے تاکہ عوام کو درپیش مشکلات کا ازالہ ممکن ہو سکے۔
خبر نمبر 27
بحوالہ درخواست سائل مسمی مذکور نے بتلایا ہے کہ متذکرہ بالا امور کے متعلق جملہ کاغذات عدالت میں پیش کر دیئے گئے ہیں لہذا فریقین کو اطلاع دی جاتی ہے کہ وہ مقررہ تاریخ پر بوقت دس بجے دن اصالتاً یا وکالتاً حاضر عدالت ہو کر اپنی جواب دہی کریں بصورت دیگر کاروائی یکطرفہ عمل میں لائی جائے گی۔ ضلع ایبٹ آباد کے عوامی حلقوں نے اس اقدام کو سراہا ہے اور متعلقہ محکمہ سے مطالبہ کیا ہے کہ ترقیاتی منصوبوں کو بروقت مکمل کیا جائے تاکہ عوام کو درپیش مشکلات کا ازالہ ممکن ہو سکے۔بحوالہ درخواست سائل مسمی مذکور نے بتلایا ہے کہ متذکرہ بالا امور کے متعلق جملہ کاغذات عدالت میں پیش کر دیئے گئے ہیں لہذا فریقین کو اطلاع دی جاتی ہے کہ وہ مقررہ تاریخ پر بوقت دس بجے دن اصالتاً یا وکالتاً حاضر عدالت ہو کر اپنی جواب دہی کریں بصورت دیگر کاروائی یکطرفہ عمل میں لائی جائے گی۔ ضلع ایبٹ آباد کے عوامی حلقوں نے اس اقدام کو سراہا ہے اور متعلقہ محکمہ سے مطالبہ کیا ہے کہ ترقیاتی منصوبوں کو بروقت مکمل کیا جائے تاکہ عوام کو درپیش مشکلات کا ازالہ ممکن ہو سکے۔
خبر نمبر 28
بحوالہ درخواست سائل مسمی مذکور نے بتلایا ہے کہ متذکرہ بالا امور کے متعلق جملہ کاغذات عدالت میں پیش کر دیئے گئے ہیں لہذا فریقین کو اطلاع دی جاتی ہے کہ وہ مقررہ تاریخ پر بوقت دس بجے دن اصالتاً یا وکالتاً حاضر عدالت ہو کر اپنی جواب دہی کریں بصورت دیگر کاروائی یکطرفہ عمل میں لائی جائے گی۔ ضلع ایبٹ آباد کے عوامی حلقوں نے اس اقدام کو سراہا ہے اور متعلقہ محکمہ سے مطالبہ کیا ہے کہ ترقیاتی منصوبوں کو بروقت مکمل کیا جائے تاکہ عوام کو درپیش مشکلات کا ازالہ ممکن ہو سکے۔
خبر نمبر 29
بحوالہ درخواست سائل مسمی مذکور نے بتلایا ہے کہ متذکرہ بالا امور کے متعلق جملہ کاغذات عدالت میں پیش کر دیئے گئے ہیں لہذا فریقین کو اطلاع دی جاتی ہے کہ وہ مقررہ تاریخ پر بوقت دس بجے دن اصالتاً یا وکالتاً حاضر عدالت ہو کر اپنی جواب دہی کریں بصورت دیگر کاروائی یکطرفہ عمل میں لائی جائے گی۔ ضلع ایبٹ آباد کے عوامی حلقوں نے اس اقدام کو سراہا ہے اور متعلقہ محکمہ سے مطالبہ کیا ہے کہ ترقیاتی منصوبوں کو بروقت مکمل کیا جائے تاکہ عوام کو درپیش مشکلات کا ازالہ ممکن ہو سکے۔
خبر نمبر 30
بحوالہ درخواست سائل مسمی مذکور نے بتلایا ہے کہ متذکرہ بالا امور کے متعلق جملہ کاغذات عدالت میں پیش کر دیئے گئے ہیں لہذا فریقین کو اطلاع دی جاتی ہے کہ وہ مقررہ تاریخ پر بوقت دس بجے دن اصالتاً یا وکالتاً حاضر عدالت ہو کر اپنی جواب دہی کریں بصورت دیگر کاروائی یکطرفہ عمل میں لائی جائے گی۔ ضلع ایبٹ آباد کے عوامی حلقوں نے اس اقدام کو سراہا ہے اور متعلقہ محکمہ سے مطالبہ کیا ہے کہ ترقیاتی منصوبوں کو بروقت مکمل کیا جائے تاکہ عوام کو درپیش مشکلات کا ازالہ ممکن ہو سکے۔بحوالہ درخواست سائل مسمی مذکور نے بتلایا ہے کہ متذکرہ بالا امور کے متعلق جملہ کاغذات عدالت میں پیش کر دیئے گئے ہیں لہذا فریقین کو اطلاع دی جاتی ہے کہ وہ مقررہ تاریخ پر بوقت دس بجے دن اصالتاً یا وکالتاً حاضر عدالت ہو کر اپنی جواب دہی کریں بصورت دیگر کاروائی یکطرفہ عمل میں لائی جائے گی۔ ضلع ایبٹ آباد کے عوامی حلقوں نے اس اقدام کو سراہا ہے اور متعلقہ محکمہ سے مطالبہ کیا ہے کہ ترقیاتی منصوبوں کو بروقت مکمل کیا جائے تاکہ عوام کو درپیش مشکلات کا ازالہ ممکن ہو سکے۔
خبر نمبر 31
بحوالہ درخواست سائل مسمی مذکور نے بتلایا ہے کہ متذکرہ بالا امور کے متعلق جملہ کاغذات عدالت میں پیش کر دیئے گئے ہیں لہذا فریقین کو اطلاع دی جاتی ہے کہ وہ مقررہ تاریخ پر بوقت دس بجے دن اصالتاً یا وکالتاً حاضر عدالت ہو کر اپنی جواب دہی کریں بصورت دیگر کاروائی یکطرفہ عمل میں لائی جائے گی۔ ضلع ایبٹ آباد کے عوامی حلقوں نے اس اقدام کو سراہا ہے اور متعلقہ محکمہ سے مطالبہ کیا ہے کہ ترقیاتی منصوبوں کو بروقت مکمل کیا جائے تاکہ عوام کو درپیش مشکلات کا ازالہ ممکن ہو سکے۔
خبر نمبر 32
بحوالہ درخواست سائل مسمی مذکور نے بتلایا ہے کہ متذکرہ بالا امور کے متعلق جملہ کاغذات عدالت میں پیش کر دیئے گئے ہیں لہذا فریقین کو اطلاع دی جاتی ہے کہ وہ مقررہ تاریخ پر بوقت دس بجے دن اصالتاً یا وکالتاً حاضر عدالت ہو کر اپنی جواب دہی کریں بصورت دیگر کاروائی یکطرفہ عمل میں لائی جائے گی۔ ضلع ایبٹ آباد کے عوامی حلقوں نے اس اقدام کو سراہا ہے اور متعلقہ محکمہ سے مطالبہ کیا ہے کہ ترقیاتی منصوبوں کو بروقت مکمل کیا جائے تاکہ عوام کو درپیش مشکلات کا ازالہ ممکن ہو سکے۔
خبر نمبر 33
بحوالہ درخواست سائل مسمی مذکور نے بتلایا ہے کہ متذکرہ بالا امور کے متعلق جملہ کاغذات عدالت میں پیش کر دیئے گئے ہیں لہذا فریقین کو اطلاع دی جاتی ہے کہ وہ مقررہ تاریخ پر بوقت دس بجے دن اصالتاً یا وکالتاً حاضر عدالت ہو کر اپنی جواب دہی کریں بصورت دیگر کاروائی یکطرفہ عمل میں لائی جائے گی۔ ضلع ایبٹ آباد کے عوامی حلقوں نے اس اقدام کو سراہا ہے اور متعلقہ محکمہ سے مطالبہ کیا ہے کہ ترقیاتی منصوبوں کو بروقت مکمل کیا جائے تاکہ عوام کو درپیش مشکلات کا ازالہ ممکن ہو سکے۔بحوالہ درخواست سائل مسمی مذکور نے بتلایا ہے کہ متذکرہ بالا امور کے متعلق جملہ کاغذات عدالت میں پیش کر دیئے گئے ہیں لہذا فریقین کو اطلاع دی جاتی ہے کہ وہ مقررہ تاریخ پر بوقت دس بجے دن اصالتاً یا وکالتاً حاضر عدالت ہو کر اپنی جواب دہی کریں بصورت دیگر کاروائی یکطرفہ عمل میں لائی جائے گی۔ ضلع ایبٹ آباد کے عوامی حلقوں نے اس اقدام کو سراہا ہے اور متعلقہ محکمہ سے مطالبہ کیا ہے کہ ترقیاتی منصوبوں کو بروقت مکمل کیا جائے تاکہ عوام کو درپیش مشکلات کا ازالہ ممکن ہو سکے۔
خبر نمبر 34
بحوالہ درخواست سائل مسمی مذکور نے بتلایا ہے کہ متذکرہ بالا امور کے متعلق جملہ کاغذات عدالت میں پیش کر دیئے گئے ہیں لہذا فریقین کو اطلاع دی جاتی ہے کہ وہ مقررہ تاریخ پر بوقت دس بجے دن اصالتاً یا وکالتاً حاضر عدالت ہو کر اپنی جواب دہی کریں بصورت دیگر کاروائی یکطرفہ عمل میں لائی جائے گی۔ ضلع ایبٹ آباد کے عوامی حلقوں نے اس اقدام کو سراہا ہے اور متعلقہ محکمہ سے مطالبہ کیا ہے کہ ترقیاتی منصوبوں کو بروقت مکمل کیا جائے تاکہ عوام کو درپیش مشکلات کا ازالہ ممکن ہو سکے۔
خبر نمبر 35
بحوالہ درخواست سائل مسمی مذکور نے بتلایا ہے کہ متذکرہ بالا امور کے متعلق جملہ کاغذات عدالت میں پیش کر دیئے گئے ہیں لہذا فریقین کو اطلاع دی جاتی ہے کہ وہ مقررہ تاریخ پر بوقت دس بجے دن اصالتاً یا وکالتاً حاضر عدالت ہو کر اپنی جواب دہی کریں بصورت دیگر کاروائی یکطرفہ عمل میں لائی جائے گی۔ ضلع ایبٹ آباد کے عوامی حلقوں نے اس اقدام کو سراہا ہے اور متعلقہ محکمہ سے مطالبہ کیا ہے کہ ترقیاتی منصوبوں کو بروقت مکمل کیا جائے تاکہ عوام کو درپیش مشکلات کا ازالہ ممکن ہو سکے۔
خبر نمبر 36
بحوالہ درخواست سائل مسمی مذکور نے بتلایا ہے کہ متذکرہ بالا امور کے متعلق جملہ کاغذات عدالت میں پیش کر دیئے گئے ہیں لہذا فریقین کو اطلاع دی جاتی ہے کہ وہ مقررہ تاریخ پر بوقت دس بجے دن اصالتاً یا وکالتاً حاضر عدالت ہو کر اپنی جواب دہی کریں بصورت دیگر کاروائی یکطرفہ عمل میں لائی جائے گی۔ ضلع ایبٹ آباد کے عوامی حلقوں نے اس اقدام کو سراہا ہے اور متعلقہ محکمہ سے مطالبہ کیا ہے کہ ترقیاتی منصوبوں کو بروقت مکمل کیا جائے تاکہ عوام کو درپیش مشکلات کا ازالہ ممکن ہو سکے۔بحوالہ درخواست سائل مسمی مذکور نے بتلایا ہے کہ متذکرہ بالا امور کے متعلق جملہ کاغذات عدالت میں پیش کر دیئے گئے ہیں لہذا فریقین کو اطلاع دی جاتی ہے کہ وہ مقررہ تاریخ پر بوقت دس بجے دن اصالتاً یا وکالتاً حاضر عدالت ہو کر اپنی جواب دہی کریں بصورت دیگر کاروائی یکطرفہ عمل میں لائی جائے گی۔ ضلع ایبٹ آباد کے عوامی حلقوں نے اس اقدام کو سراہا ہے اور متعلقہ محکمہ سے مطالبہ کیا ہے کہ ترقیاتی منصوبوں کو بروقت مکمل کیا جائے تاکہ عوام کو درپیش مشکلات کا ازالہ ممکن ہو سکے۔
خبر نمبر 37
بحوالہ درخواست سائل مسمی مذکور نے بتلایا ہے کہ متذکرہ بالا امور کے متعلق جملہ کاغذات عدالت میں پیش کر دیئے گئے ہیں لہذا فریقین کو اطلاع دی جاتی ہے کہ وہ مقررہ تاریخ پر بوقت دس بجے دن اصالتاً یا وکالتاً حاضر عدالت ہو کر اپنی جواب دہی کریں بصورت دیگر کاروائی یکطرفہ عمل میں لائی جائے گی۔ ضلع ایبٹ آباد کے عوامی حلقوں نے اس اقدام کو سراہا ہے اور متعلقہ محکمہ سے مطالبہ کیا ہے کہ ترقیاتی منصوبوں کو بروقت مکمل کیا جائے تاکہ عوام کو درپیش مشکلات کا ازالہ ممکن ہو سکے۔
خبر نمبر 38
بحوالہ درخواست سائل مسمی مذکور نے بتلایا ہے کہ متذکرہ بالا امور کے متعلق جملہ کاغذات عدالت میں پیش کر دیئے گئے ہیں لہذا فریقین کو اطلاع دی جاتی ہے کہ وہ مقررہ تاریخ پر بوقت دس بجے دن اصالتاً یا وکالتاً حاضر عدالت ہو کر اپنی جواب دہی کریں بصورت دیگر کاروائی یکطرفہ عمل میں لائی جائے گی۔ ضلع ایبٹ آباد کے عوامی حلقوں نے اس اقدام کو سراہا ہے اور متعلقہ محکمہ سے مطالبہ کیا ہے کہ ترقیاتی منصوبوں کو بروقت مکمل کیا جائے تاکہ عوام کو درپیش مشکلات کا ازالہ ممکن ہو سکے۔
خبر نمبر 39
بحوالہ درخواست سائل مسمی مذکور نے بتلایا ہے کہ متذکرہ بالا امور کے متعلق جملہ کاغذات عدالت میں پیش کر دیئے گئے ہیں لہذا فریقین کو اطلاع دی جاتی ہے کہ وہ مقررہ تاریخ پر بوقت دس بجے دن اصالتاً یا وکالتاً حاضر عدالت ہو کر اپنی جواب دہی کریں بصورت دیگر کاروائی یکطرفہ عمل میں لائی جائے گی۔ ضلع ایبٹ آباد کے عوامی حلقوں نے اس اقدام کو سراہا ہے اور متعلقہ محکمہ سے مطالبہ کیا ہے کہ ترقیاتی منصوبوں کو بروقت مکمل کیا جائے تاکہ عوام کو درپیش مشکلات کا ازالہ ممکن ہو سکے۔بحوالہ درخواست سائل مسمی مذکور نے بتلایا ہے کہ متذکرہ بالا امور کے متعلق جملہ کاغذات عدالت میں پیش کر دیئے گئے ہیں لہذا فریقین کو اطلاع دی جاتی ہے کہ وہ مقررہ تاریخ پر بوقت دس بجے دن اصالتاً یا وکالتاً حاضر عدالت ہو کر اپنی جواب دہی کریں بصورت دیگر کاروائی یکطرفہ عمل میں لائی جائے گی۔ ضلع ایبٹ آباد کے عوامی حلقوں نے اس اقدام کو سراہا ہے اور متعلقہ محکمہ سے مطالبہ کیا ہے کہ ترقیاتی منصوبوں کو بروقت مکمل کیا جائے تاکہ عوام کو درپیش مشکلات کا ازالہ ممکن ہو سکے۔
خبر نمبر 40
بحوالہ درخواست سائل مسمی مذکور نے بتلایا ہے کہ متذکرہ بالا امور کے متعلق جملہ کاغذات عدالت میں پیش کر دیئے گئے ہیں لہذا فریقین کو اطلاع دی جاتی ہے کہ وہ مقررہ تاریخ پر بوقت دس بجے دن اصالتاً یا وکالتاً حاضر عدالت ہو کر اپنی جواب دہی کریں بصورت دیگر کاروائی یکطرفہ عمل میں لائی جائے گی۔ ضلع ایبٹ آباد کے عوامی حلقوں نے اس اقدام کو سراہا ہے اور متعلقہ محکمہ سے مطالبہ کیا ہے کہ ترقیاتی منصوبوں کو بروقت مکمل کیا جائے تاکہ عوام کو درپیش مشکلات کا ازالہ ممکن ہو سکے۔
خبر نمبر 41
بحوالہ درخواست سائل مسمی مذکور نے بتلایا ہے کہ متذکرہ بالا امور کے متعلق جملہ کاغذات عدالت میں پیش کر دیئے گئے ہیں لہذا فریقین کو اطلاع دی جاتی ہے کہ وہ مقررہ تاریخ پر بوقت دس بجے دن اصالتاً یا وکالتاً حاضر عدالت ہو کر اپنی جواب دہی کریں بصورت دیگر کاروائی یکطرفہ عمل میں لائی جائے گی۔ ضلع ایبٹ آباد کے عوامی حلقوں نے اس اقدام کو سراہا ہے اور متعلقہ محکمہ سے مطالبہ کیا ہے کہ ترقیاتی منصوبوں کو بروقت مکمل کیا جائے تاکہ عوام کو درپیش مشکلات کا ازالہ ممکن ہو سکے۔
خبر نمبر 42
بحوالہ درخواست سائل مسمی مذکور نے بتلایا ہے کہ متذکرہ بالا امور کے متعلق جملہ کاغذات عدالت میں پیش کر دیئے گئے ہیں لہذا فریقین کو اطلاع دی جاتی ہے کہ وہ مقررہ تاریخ پر بوقت دس بجے دن اصالتاً یا وکالتاً حاضر عدالت ہو کر اپنی جواب دہی کریں بصورت دیگر کاروائی یکطرفہ عمل میں لائی جائے گی۔ ضلع ایبٹ آباد کے عوامی حلقوں نے اس اقدام کو سراہا ہے اور متعلقہ محکمہ سے مطالبہ کیا ہے کہ ترقیاتی منصوبوں کو بروقت مکمل کیا جائے تاکہ عوام کو درپیش مشکلات کا ازالہ ممکن ہو سکے۔بحوالہ درخواست سائل مسمی مذکور نے بتلایا ہے کہ متذکرہ بالا امور کے متعلق جملہ کاغذات عدالت میں پیش کر دیئے گئے ہیں لہذا فریقین کو اطلاع دی جاتی ہے کہ وہ مقررہ تاریخ پر بوقت دس بجے دن اصالتاً یا وکالتاً حاضر عدالت ہو کر اپنی جواب دہی کریں بصورت دیگر کاروائی یکطرفہ عمل میں لائی جائے گی۔ ضلع ایبٹ آباد کے عوامی حلقوں نے اس اقدام کو سراہا ہے اور متعلقہ محکمہ سے مطالبہ کیا ہے کہ ترقیاتی منصوبوں کو بروقت مکمل کیا جائے تاکہ عوام کو درپیش مشکلات کا ازالہ ممکن ہو سکے۔
خبر نمبر 43
بحوالہ درخواست سائل مسمی مذکور نے بتلایا ہے کہ متذکرہ بالا امور کے متعلق جملہ کاغذات عدالت میں پیش کر دیئے گئے ہیں لہذا فریقین کو اطلاع دی جاتی ہے کہ وہ مقررہ تاریخ پر بوقت دس بجے دن اصالتاً یا وکالتاً حاضر عدالت ہو کر اپنی جواب دہی کریں بصورت دیگر کاروائی یکطرفہ عمل میں لائی جائے گی۔ ضلع ایبٹ آباد کے عوامی حلقوں نے اس اقدام کو سراہا ہے اور متعلقہ محکمہ سے مطالبہ کیا ہے کہ ترقیاتی منصوبوں کو بروقت مکمل کیا جائے تاکہ عوام کو درپیش مشکلات کا ازالہ ممکن ہو سکے۔بحوالہ درخواست سائل مسمی مذکور نے بتلایا ہے کہ متذکرہ بالا امور کے متعلق جملہ کاغذات عدالت میں پیش کر دیئے گئے ہیں لہذا فریقین کو اطلاع دی جاتی ہے کہ وہ مقررہ تاریخ پر بوقت دس بجے دن اصالتاً یا وکالتاً حاضر عدالت ہو کر اپنی جواب دہی کریں بصورت دیگر کاروائی یکطرفہ عمل میں لائی جائے گی۔ ضلع ایبٹ آباد کے عوامی حلقوں نے اس اقدام کو سراہا ہے اور متعلقہ محکمہ سے مطالبہ کیا ہے کہ ترقیاتی منصوبوں کو بروقت مکمل کیا جائے تاکہ عوام کو درپیش مشکلات کا ازالہ ممکن ہو سکے۔
خبر نمبر 44
بحوالہ درخواست سائل مسمی مذکور نے بتلایا ہے کہ متذکرہ بالا امور کے متعلق جملہ کاغذات عدالت میں پیش کر دیئے گئے ہیں لہذا فریقین کو اطلاع دی جاتی ہے کہ وہ مقررہ تاریخ پر بوقت دس بجے دن اصالتاً یا وکالتاً حاضر عدالت ہو کر اپنی جواب دہی کریں بصورت دیگر کاروائی یکطرفہ عمل میں لائی جائے گی۔ ضلع ایبٹ آباد کے عوامی حلقوں نے اس اقدام کو سراہا ہے اور متعلقہ محکمہ سے مطالبہ کیا ہے کہ ترقیاتی منصوبوں کو بروقت مکمل کیا جائے تاکہ عوام کو درپیش مشکلات کا ازالہ ممکن ہو سکے۔
خبر نمبر 45
بحوالہ درخواست سائل مسمی مذکور نے بتلایا ہے کہ متذکرہ بالا امور کے متعلق جملہ کاغذات عدالت میں پیش کر دیئے گئے ہیں لہذا فریقین کو اطلاع دی جاتی ہے کہ وہ مقررہ تاریخ پر بوقت دس بجے دن اصالتاً یا وکالتاً حاضر عدالت ہو کر اپنی جواب دہی کریں بصورت دیگر کاروائی یکطرفہ عمل میں لائی جائے گی۔ ضلع ایبٹ آباد کے عوامی حلقوں نے اس اقدام کو سراہا ہے اور متعلقہ محکمہ سے مطالبہ کیا ہے کہ ترقیاتی منصوبوں کو بروقت مکمل کیا جائے تاکہ عوام کو درپیش مشکلات کا ازالہ ممکن ہو سکے۔
خبر نمبر 46
بحوالہ درخواست سائل مسمی مذکور نے بتلایا ہے کہ متذکرہ بالا امور کے متعلق جملہ کاغذات عدالت میں پیش کر دیئے گئے ہیں لہذا فریقین کو اطلاع دی جاتی ہے کہ وہ مقررہ تاریخ پر بوقت دس بجے دن اصالتاً یا وکالتاً حاضر عدالت ہو کر اپنی جواب دہی کریں بصورت دیگر کاروائی یکطرفہ عمل میں لائی جائے گی۔ ضلع ایبٹ آباد کے عوامی حلقوں نے اس اقدام کو سراہا ہے اور متعلقہ محکمہ سے مطالبہ کیا ہے کہ ترقیاتی منصوبوں کو بروقت مکمل کیا جائے تاکہ عوام کو درپیش مشکلات کا ازالہ ممکن ہو سکے۔بحوالہ درخواست سائل مسمی مذکور نے بتلایا ہے کہ متذکرہ بالا امور کے متعلق جملہ کاغذات عدالت میں پیش کر دیئے گئے ہیں لہذا فریقین کو اطلاع دی جاتی ہے کہ وہ مقررہ تاریخ پر بوقت دس بجے دن اصالتاً یا وکالتاً حاضر عدالت ہو کر اپنی جواب دہی کریں بصورت دیگر کاروائی یکطرفہ عمل میں لائی جائے گی۔ ضلع ایبٹ آباد کے عوامی حلقوں نے اس اقدام کو سراہا ہے اور متعلقہ محکمہ سے مطالبہ کیا ہے کہ ترقیاتی منصوبوں کو بروقت مکمل کیا جائے تاکہ عوام کو درپیش مشکلات کا ازالہ ممکن ہو سکے۔
خبر نمبر 47
بحوالہ درخواست سائل مسمی مذکور نے بتلایا ہے کہ متذکرہ بالا امور کے متعلق جملہ کاغذات عدالت میں پیش کر دیئے گئے ہیں لہذا فریقین کو اطلاع دی جاتی ہے کہ وہ مقررہ تاریخ پر بوقت دس بجے دن اصالتاً یا وکالتاً حاضر عدالت ہو کر اپنی جواب دہی کریں بصورت دیگر کاروائی یکطرفہ عمل میں لائی جائے گی۔ ضلع ایبٹ آباد کے عوامی حلقوں نے اس اقدام کو سراہا ہے اور متعلقہ محکمہ سے مطالبہ کیا ہے کہ ترقیاتی منصوبوں کو بروقت مکمل کیا جائے تاکہ عوام کو درپیش مشکلات کا ازالہ ممکن ہو سکے۔
خبر نمبر 48
بحوالہ درخواست سائل مسمی مذکور نے بتلایا ہے کہ متذکرہ بالا امور کے متعلق جملہ کاغذات عدالت میں پیش کر دیئے گئے ہیں لہذا فریقین کو اطلاع دی جاتی ہے کہ وہ مقررہ تاریخ پر بوقت دس بجے دن اصالتاً یا وکالتاً حاضر عدالت ہو کر اپنی جواب دہی کریں بصورت دیگر کاروائی یکطرفہ عمل میں لائی جائے گی۔ ضلع ایبٹ آباد کے عوامی حلقوں نے اس اقدام کو سراہا ہے اور متعلقہ محکمہ سے مطالبہ کیا ہے کہ ترقیاتی منصوبوں کو بروقت مکمل کیا جائے تاکہ عوام کو درپیش مشکلات کا ازالہ ممکن ہو سکے۔
خبر نمبر 49
بحوالہ درخواست سائل مسمی مذکور نے بتلایا ہے کہ متذکرہ بالا امور کے متعلق جملہ کاغذات عدالت میں پیش کر دیئے گئے ہیں لہذا فریقین کو اطلاع دی جاتی ہے کہ وہ مقررہ تاریخ پر بوقت دس بجے دن اصالتاً یا وکالتاً حاضر عدالت ہو کر اپنی جواب دہی کریں بصورت دیگر کاروائی یکطرفہ عمل میں لائی جائے گی۔ ضلع ایبٹ آباد کے عوامی حلقوں نے اس اقدام کو سراہا ہے اور متعلقہ محکمہ سے مطالبہ کیا ہے کہ ترقیاتی منصوبوں کو بروقت مکمل کیا جائے تاکہ عوام کو درپیش مشکلات کا ازالہ ممکن ہو سکے۔بحوالہ درخواست سائل مسمی مذکور نے بتلایا ہے کہ متذکرہ بالا امور کے متعلق جملہ کاغذات عدالت میں پیش کر دیئے گئے ہیں لہذا فریقین کو اطلاع دی جاتی ہے کہ وہ مقررہ تاریخ پر بوقت دس بجے دن اصالتاً یا وکالتاً حاضر عدالت ہو کر اپنی جواب دہی کریں بصورت دیگر کاروائی یکطرفہ عمل میں لائی جائے گی۔ ضلع ایبٹ آباد کے عوامی حلقوں نے اس اقدام کو سراہا ہے اور متعلقہ محکمہ سے مطالبہ کیا ہے کہ ترقیاتی منصوبوں کو بروقت مکمل کیا جائے تاکہ عوام کو درپیش مشکلات کا ازالہ ممکن ہو سکے۔
خبر نمبر 50
بحوالہ درخواست سائل مسمی مذکور نے بتلایا ہے کہ متذکرہ بالا امور کے متعلق جملہ کاغذات عدالت میں پیش کر دیئے گئے ہیں لہذا فریقین کو اطلاع دی جاتی ہے کہ وہ مقررہ تاریخ پر بوقت دس بجے دن اصالتاً یا وکالتاً حاضر عدالت ہو کر اپنی جواب دہی کریں بصورت دیگر کاروائی یکطرفہ عمل میں لائی جائے گی۔ ضلع ایبٹ آباد کے عوامی حلقوں نے اس اقدام کو سراہا ہے اور متعلقہ محکمہ سے مطالبہ کیا ہے کہ ترقیاتی منصوبوں کو بروقت مکمل کیا جائے تاکہ عوام کو درپیش مشکلات کا ازالہ ممکن ہو سکے۔
خبر نمبر 51
بحوالہ درخواست سائل مسمی مذکور نے بتلایا ہے کہ متذکرہ بالا امور کے متعلق جملہ کاغذات عدالت میں پیش کر دیئے گئے ہیں لہذا فریقین کو اطلاع دی جاتی ہے کہ وہ مقررہ تاریخ پر بوقت دس بجے دن اصالتاً یا وکالتاً حاضر عدالت ہو کر اپنی جواب دہی کریں بصورت دیگر کاروائی یکطرفہ عمل میں لائی جائے گی۔ ضلع ایبٹ آباد کے عوامی حلقوں نے اس اقدام کو سراہا ہے اور متعلقہ محکمہ سے مطالبہ کیا ہے کہ ترقیاتی منصوبوں کو بروقت مکمل کیا جائے تاکہ عوام کو درپیش مشکلات کا ازالہ ممکن ہو سکے۔
خبر نمبر 52
بحوالہ درخواست سائل مسمی مذکور نے بتلایا ہے کہ متذکرہ بالا امور کے متعلق جملہ کاغذات عدالت میں پیش کر دیئے گئے ہیں لہذا فریقین کو اطلاع دی جاتی ہے کہ وہ مقررہ تاریخ پر بوقت دس بجے دن اصالتاً یا وکالتاً حاضر عدالت ہو کر اپنی جواب دہی کریں بصورت دیگر کاروائی یکطرفہ عمل میں لائی جائے گی۔ ضلع ایبٹ آباد کے عوامی حلقوں نے اس اقدام کو سراہا ہے اور متعلقہ محکمہ سے مطالبہ کیا ہے کہ ترقیاتی منصوبوں کو بروقت مکمل کیا جائے تاکہ عوام کو درپیش مشکلات کا ازالہ ممکن ہو سکے۔بحوالہ درخواست سائل مسمی مذکور نے بتلایا ہے کہ متذکرہ بالا امور کے متعلق جملہ کاغذات عدالت میں پیش کر دیئے گئے ہیں لہذا فریقین کو اطلاع دی جاتی ہے کہ وہ مقررہ تاریخ پر بوقت دس بجے دن اصالتاً یا وکالتاً حاضر عدالت ہو کر اپنی جواب دہی کریں بصورت دیگر کاروائی یکطرفہ عمل میں لائی جائے گی۔ ضلع ایبٹ آباد کے عوامی حلقوں نے اس اقدام کو سراہا ہے اور متعلقہ محکمہ سے مطالبہ کیا ہے کہ ترقیاتی منصوبوں کو بروقت مکمل کیا جائے تاکہ عوام کو درپیش مشکلات کا ازالہ ممکن ہو سکے۔
اطلاع
بحوالہ درخواست سائل مسمی مذکور نے بتلایا ہے کہ متذکرہ بالا امور کے متعلق جملہ کاغذات عدالت میں پیش کر دیئے گئے ہیں لہذا فریقین کو اطلاع دی جاتی ہے کہ وہ مقررہ تاریخ پر بوقت دس بجے دن اصالتاً یا وکالتاً حاضر عدالت ہو کر اپنی جواب دہی کریں بصورت دیگر کاروائی یکطرفہ عمل میں لائی جائے گی۔ ضلع ایبٹ آباد کے عوامی حلقوں نے اس اقدام کو سراہا ہے اور متعلقہ محکمہ سے مطالبہ کیا ہے کہ ترقیاتی منصوبوں کو بروقت مکمل کیا جائے تاکہ عوام کو درپیش مشکلات کا ازالہ ممکن ہو سکے۔
منجانب: سائل
اطلاع
بحوالہ درخواست سائل مسمی مذکور نے بتلایا ہے کہ متذکرہ بالا امور کے متعلق جملہ کاغذات عدالت میں پیش کر دیئے گئے ہیں لہذا فریقین کو اطلاع دی جاتی ہے کہ وہ مقررہ تاریخ پر بوقت دس بجے دن اصالتاً یا وکالتاً حاضر عدالت ہو کر اپنی جواب دہی کریں بصورت دیگر کاروائی یکطرفہ عمل میں لائی جائے گی۔ ضلع ایبٹ آباد کے عوامی حلقوں نے اس اقدام کو سراہا ہے اور متعلقہ محکمہ سے مطالبہ کیا ہے کہ ترقیاتی منصوبوں کو بروقت مکمل کیا جائے تاکہ عوام کو درپیش مشکلات کا ازالہ ممکن ہو سکے۔
منجانب: سائل
اطلاع
بحوالہ درخواست سائل مسمی مذکور نے بتلایا ہے کہ متذکرہ بالا امور کے متعلق جملہ کاغذات عدالت میں پیش کر دیئے گئے ہیں لہذا فریقین کو اطلاع دی جاتی ہے کہ وہ مقررہ تاریخ پر بوقت دس بجے دن اصالتاً یا وکالتاً حاضر عدالت ہو کر اپنی جواب دہی کریں بصورت دیگر کاروائی یکطرفہ عمل میں لائی جائے گی۔ ضلع ایبٹ آباد کے عوامی حلقوں نے اس اقدام کو سراہا ہے اور متعلقہ محکمہ سے مطالبہ کیا ہے کہ ترقیاتی منصوبوں کو بروقت مکمل کیا جائے تاکہ عوام کو درپیش مشکلات کا ازالہ ممکن ہو سکے۔
منجانب: سائل
اطلاع
بحوالہ درخواست سائل مسمی مذکور نے بتلایا ہے کہ متذکرہ بالا امور کے متعلق جملہ کاغذات عدالت میں پیش کر دیئے گئے ہیں لہذا فریقین کو اطلاع دی جاتی ہے کہ وہ مقررہ تاریخ پر بوقت دس بجے دن اصالتاً یا وکالتاً حاضر عدالت ہو کر اپنی جواب دہی کریں بصورت دیگر کاروائی یکطرفہ عمل میں لائی جائے گی۔ ضلع ایبٹ آباد کے عوامی حلقوں نے اس اقدام کو سراہا ہے اور متعلقہ محکمہ سے مطالبہ کیا ہے کہ ترقیاتی منصوبوں کو بروقت مکمل کیا جائے تاکہ عوام کو درپیش مشکلات کا ازالہ ممکن ہو سکے۔
منجانب: سائل
اطلاع
بحوالہ درخواست سائل مسمی مذکور نے بتلایا ہے کہ متذکرہ بالا امور کے متعلق جملہ کاغذات عدالت میں پیش کر دیئے گئے ہیں لہذا فریقین کو اطلاع دی جاتی ہے کہ وہ مقررہ تاریخ پر بوقت دس بجے دن اصالتاً یا وکالتاً حاضر عدالت ہو کر اپنی جواب دہی کریں بصورت دیگر کاروائی یکطرفہ عمل میں لائی جائے گی۔ ضلع ایبٹ آباد کے عوامی حلقوں نے اس اقدام کو سراہا ہے اور متعلقہ محکمہ سے مطالبہ کیا ہے کہ ترقیاتی منصوبوں کو بروقت مکمل کیا جائے تاکہ عوام کو درپیش مشکلات کا ازالہ ممکن ہو سکے۔
منجانب: سائل
اطلاع
بحوالہ درخواست سائل مسمی مذکور نے بتلایا ہے کہ متذکرہ بالا امور کے متعلق جملہ کاغذات عدالت میں پیش کر دیئے گئے ہیں لہذا فریقین کو اطلاع دی جاتی ہے کہ وہ مقررہ تاریخ پر بوقت دس بجے دن اصالتاً یا وکالتاً حاضر عدالت ہو کر اپنی جواب دہی کریں بصورت دیگر کاروائی یکطرفہ عمل میں لائی جائے گی۔ ضلع ایبٹ آباد کے عوامی حلقوں نے اس اقدام کو سراہا ہے اور متعلقہ محکمہ سے مطالبہ کیا ہے کہ ترقیاتی منصوبوں کو بروقت مکمل کیا جائے تاکہ عوام کو درپیش مشکلات کا ازالہ ممکن ہو سکے۔
منجانب: سائل
اطلاع
بحوالہ درخواست سائل مسمی مذکور نے بتلایا ہے کہ متذکرہ بالا امور کے متعلق جملہ کاغذات عدالت میں پیش کر دیئے گئے ہیں لہذا فریقین کو اطلاع دی جاتی ہے کہ وہ مقررہ تاریخ پر بوقت دس بجے دن اصالتاً یا وکالتاً حاضر عدالت ہو کر اپنی جواب دہی کریں بصورت دیگر کاروائی یکطرفہ عمل میں لائی جائے گی۔ ضلع ایبٹ آباد کے عوامی حلقوں نے اس اقدام کو سراہا ہے اور متعلقہ محکمہ سے مطالبہ کیا ہے کہ ترقیاتی منصوبوں کو بروقت مکمل کیا جائے تاکہ عوام کو درپیش مشکلات کا ازالہ ممکن ہو سکے۔
منجانب: سائل
اطلاع
بحوالہ درخواست سائل مسمی مذکور نے بتلایا ہے کہ متذکرہ بالا امور کے متعلق جملہ کاغذات عدالت میں پیش کر دیئے گئے ہیں لہذا فریقین کو اطلاع دی جاتی ہے کہ وہ مقررہ تاریخ پر بوقت دس بجے دن اصالتاً یا وکالتاً حاضر عدالت ہو کر اپنی جواب دہی کریں بصورت دیگر کاروائی یکطرفہ عمل میں لائی جائے گی۔ ضلع ایبٹ آباد کے عوامی حلقوں نے اس اقدام کو سراہا ہے اور متعلقہ محکمہ سے مطالبہ کیا ہے کہ ترقیاتی منصوبوں کو بروقت مکمل کیا جائے تاکہ عوام کو درپیش مشکلات کا ازالہ ممکن ہو سکے۔
منجانب: سائل
اطلاع
بحوالہ درخواست سائل مسمی مذکور نے بتلایا ہے کہ متذکرہ بالا امور کے متعلق جملہ کاغذات عدالت میں پیش کر دیئے گئے ہیں لہذا فریقین کو اطلاع دی جاتی ہے کہ وہ مقررہ تاریخ پر بوقت دس بجے دن اصالتاً یا وکالتاً حاضر عدالت ہو کر اپنی جواب دہی کریں بصورت دیگر کاروائی یکطرفہ عمل میں لائی جائے گی۔ ضلع ایبٹ آباد کے عوامی حلقوں نے اس اقدام کو سراہا ہے اور متعلقہ محکمہ سے مطالبہ کیا ہے کہ ترقیاتی منصوبوں کو بروقت مکمل کیا جائے تاکہ عوام کو درپیش مشکلات کا ازالہ ممکن ہو سکے۔
منجانب: سائل
گمشدگی
بحوالہ درخواست سائل مسمی مذکور نے بتلایا ہے کہ متذکرہ بالا امور کے متعلق جملہ کاغذات عدالت میں پیش کر دیئے گئے ہیں لہذا فریقین کو اطلاع دی جاتی ہے کہ وہ مقررہ تاریخ پر بوقت دس بجے دن اصالتاً یا وکالتاً حاضر عدالت ہو کر اپنی جواب دہی کریں بصورت دیگر کاروائی یکطرفہ عمل میں لائی جائے گی۔ ضلع ایبٹ آباد کے عوامی حلقوں نے اس اقدام کو سراہا ہے اور متعلقہ محکمہ سے مطالبہ کیا ہے کہ ترقیاتی منصوبوں کو بروقت مکمل کیا جائے تاکہ عوام کو درپیش مشکلات کا ازالہ ممکن ہو سکے۔
منجانب: سائل
اطلاع
بحوالہ درخواست سائل مسمی مذکور نے بتلایا ہے کہ متذکرہ بالا امور کے متعلق جملہ کاغذات عدالت میں پیش کر دیئے گئے ہیں لہذا فریقین کو اطلاع دی جاتی ہے کہ وہ مقررہ تاریخ پر بوقت دس بجے دن اصالتاً یا وکالتاً حاضر عدالت ہو کر اپنی جواب دہی کریں بصورت دیگر کاروائی یکطرفہ عمل میں لائی جائے گی۔ ضلع ایبٹ آباد کے عوامی حلقوں نے اس اقدام کو سراہا ہے اور متعلقہ محکمہ سے مطالبہ کیا ہے کہ ترقیاتی منصوبوں کو بروقت مکمل کیا جائے تاکہ عوام کو درپیش مشکلات کا ازالہ ممکن ہو سکے۔
منجانب: سائل
اطلاع
بحوالہ درخواست سائل مسمی مذکور نے بتلایا ہے کہ متذکرہ بالا امور کے متعلق جملہ کاغذات عدالت میں پیش کر دیئے گئے ہیں لہذا فریقین کو اطلاع دی جاتی ہے کہ وہ مقررہ تاریخ پر بوقت دس بجے دن اصالتاً یا وکالتاً حاضر عدالت ہو کر اپنی جواب دہی کریں بصورت دیگر کاروائی یکطرفہ عمل میں لائی جائے گی۔ ضلع ایبٹ آباد کے عوامی حلقوں نے اس اقدام کو سراہا ہے اور متعلقہ محکمہ سے مطالبہ کیا ہے کہ ترقیاتی منصوبوں کو بروقت مکمل کیا جائے تاکہ عوام کو درپیش مشکلات کا ازالہ ممکن ہو سکے۔
منجانب: سائل
اطلاع
بحوالہ درخواست سائل مسمی مذکور نے بتلایا ہے کہ متذکرہ بالا امور کے متعلق جملہ کاغذات عدالت میں پیش کر دیئے گئے ہیں لہذا فریقین کو اطلاع دی جاتی ہے کہ وہ مقررہ تاریخ پر بوقت دس بجے دن اصالتاً یا وکالتاً حاضر عدالت ہو کر اپنی جواب دہی کریں بصورت دیگر کاروائی یکطرفہ عمل میں لائی جائے گی۔ ضلع ایبٹ آباد کے عوامی حلقوں نے اس اقدام کو سراہا ہے اور متعلقہ محکمہ سے مطالبہ کیا ہے کہ ترقیاتی منصوبوں کو بروقت مکمل کیا جائے تاکہ عوام کو درپیش مشکلات کا ازالہ ممکن ہو سکے۔
منجانب: سائل
اطلاع
بحوالہ درخواست سائل مسمی مذکور نے بتلایا ہے کہ متذکرہ بالا امور کے متعلق جملہ کاغذات عدالت میں پیش کر دیئے گئے ہیں لہذا فریقین کو اطلاع دی جاتی ہے کہ وہ مقررہ تاریخ پر بوقت دس بجے دن اصالتاً یا وکالتاً حاضر عدالت ہو کر اپنی جواب دہی کریں بصورت دیگر کاروائی یکطرفہ عمل میں لائی جائے گی۔ ضلع ایبٹ آباد کے عوامی حلقوں نے اس اقدام کو سراہا ہے اور متعلقہ محکمہ سے مطالبہ کیا ہے کہ ترقیاتی منصوبوں کو بروقت مکمل کیا جائے تاکہ عوام کو درپیش مشکلات کا ازالہ ممکن ہو سکے۔
منجانب: سائل
